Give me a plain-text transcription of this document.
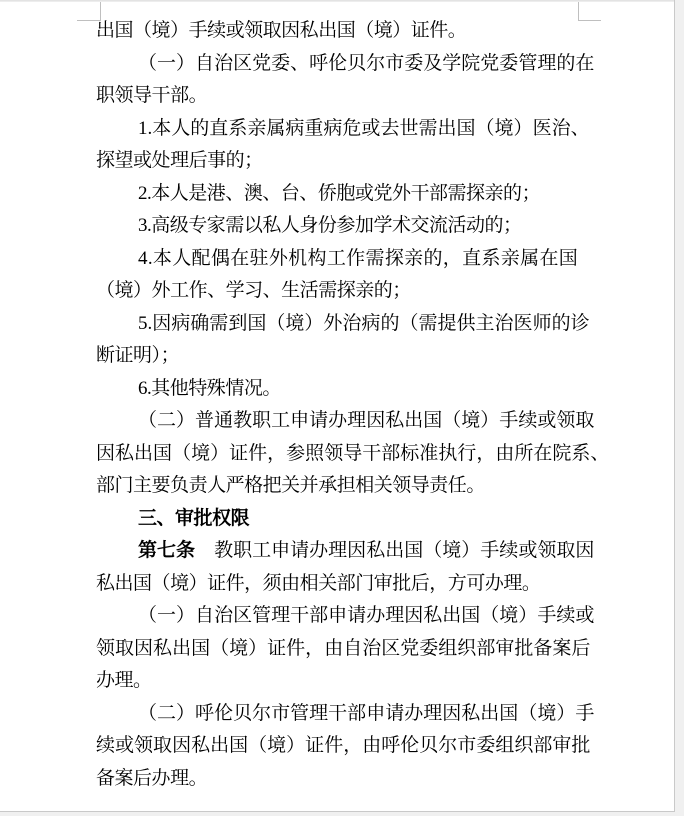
出国（境）手续或领取因私出国（境）证件。
（ 一 ） 自 治 区 党 委 、 呼 伦 贝 尔 市 委 及 学 院 党 委 管 理 的 在
职领导干部。
1 . 本 人 的 直 系 亲 属 病 重 病 危 或 去 世 需 出 国 （ 境 ） 医 治 、
探望或处理后事的；
2.本人是港、澳、台、侨胞或党外干部需探亲的；
3.高级专家需以私人身份参加学术交流活动的；
4 . 本 人 配 偶 在 驻 外 机 构 工 作 需 探 亲 的 ， 直 系 亲 属 在 国
（境）外工作、学习、生活需探亲的；
5 . 因 病 确 需 到 国 （ 境 ） 外 治 病 的 （ 需 提 供 主 治 医 师 的 诊
断证明）；
6.其他特殊情况。
（ 二 ） 普 通 教 职 工 申 请 办 理 因 私 出 国 （ 境 ） 手 续 或 领 取
因 私 出 国 （ 境 ） 证 件 ， 参 照 领 导 干 部 标 准 执 行 ， 由 所 在 院 系 、
部门主要负责人严格把关并承担相关领导责任。
三、审批权限
第 七 条
　 教 职 工 申 请 办 理 因 私 出 国 （ 境 ） 手 续 或 领 取 因
私出国（境）证件，须由相关部门审批后，方可办理。
（ 一 ） 自 治 区 管 理 干 部 申 请 办 理 因 私 出 国 （ 境 ） 手 续 或
领 取 因 私 出 国 （ 境 ） 证 件 ， 由 自 治 区 党 委 组 织 部 审 批 备 案 后
办理。
（ 二 ） 呼 伦 贝 尔 市 管 理 干 部 申 请 办 理 因 私 出 国 （ 境 ） 手
续 或 领 取 因 私 出 国 （ 境 ） 证 件 ， 由 呼 伦 贝 尔 市 委 组 织 部 审 批
备案后办理。
